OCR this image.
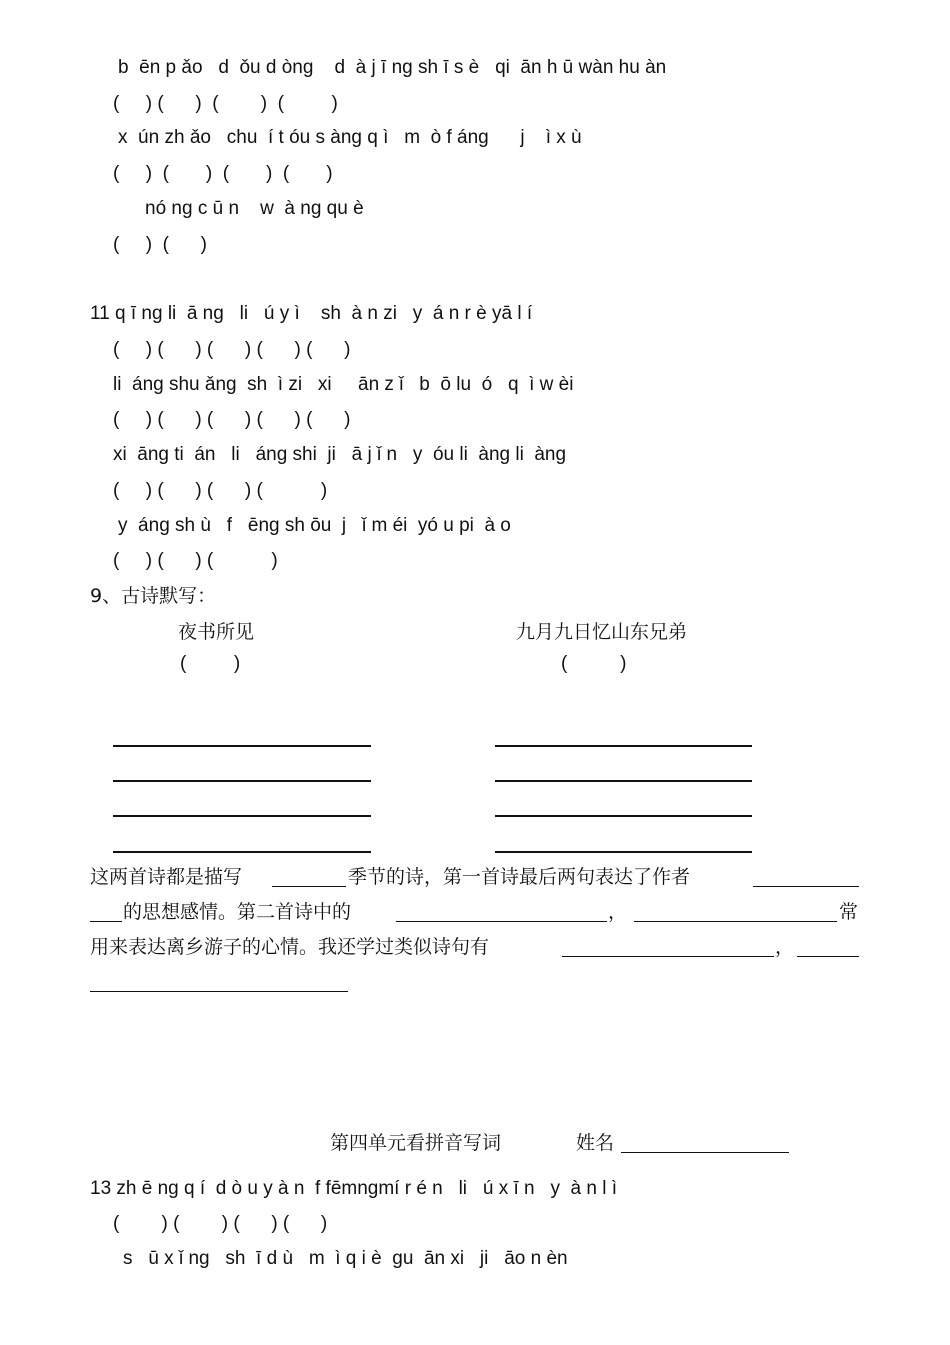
b  ēn p ǎo   d  ǒu d òng    d  à j ī ng sh ī s è   qi  ān h ū wàn hu àn
(     ) (      )  (        )  (         )
x  ún zh ǎo   chu  í t óu s àng q ì   m  ò f áng      j    ì x ù
(     )  (       )  (       )  (       )
nó ng c ū n    w  à ng qu è
(     )  (      )
11 q ī ng li  ā ng   li   ú y ì    sh  à n zi   y  á n r è yā l í
(     ) (      ) (      ) (      ) (      )
li  áng shu ǎng  sh  ì zi   xi     ān z ǐ   b  ō lu  ó   q  ì w èi
(     ) (      ) (      ) (      ) (      )
xi  āng ti  án   li   áng shi  ji   ā j ǐ n   y  óu li  àng li  àng
(     ) (      ) (      ) (           )
y  áng sh ù   f   ēng sh ōu  j   ǐ m éi  yó u pi  à o
(     ) (      ) (           )
9、古诗默写：
夜书所见
(         )
九月九日忆山东兄弟
(          )
这两首诗都是描写	季节的诗，第一首诗最后两句表达了作者
的思想感情。第二首诗中的	，	常
用来表达离乡游子的心情。我还学过类似诗句有	，
第四单元看拼音写词	姓名
13 zh ē ng q í  d ò u y à n  f fēmngmí r é n   li   ú x ī n   y  à n l ì
(        ) (        ) (      ) (      )
s   ū x ǐ ng   sh  ī d ù   m  ì q i è  gu  ān xi   ji   āo n èn
